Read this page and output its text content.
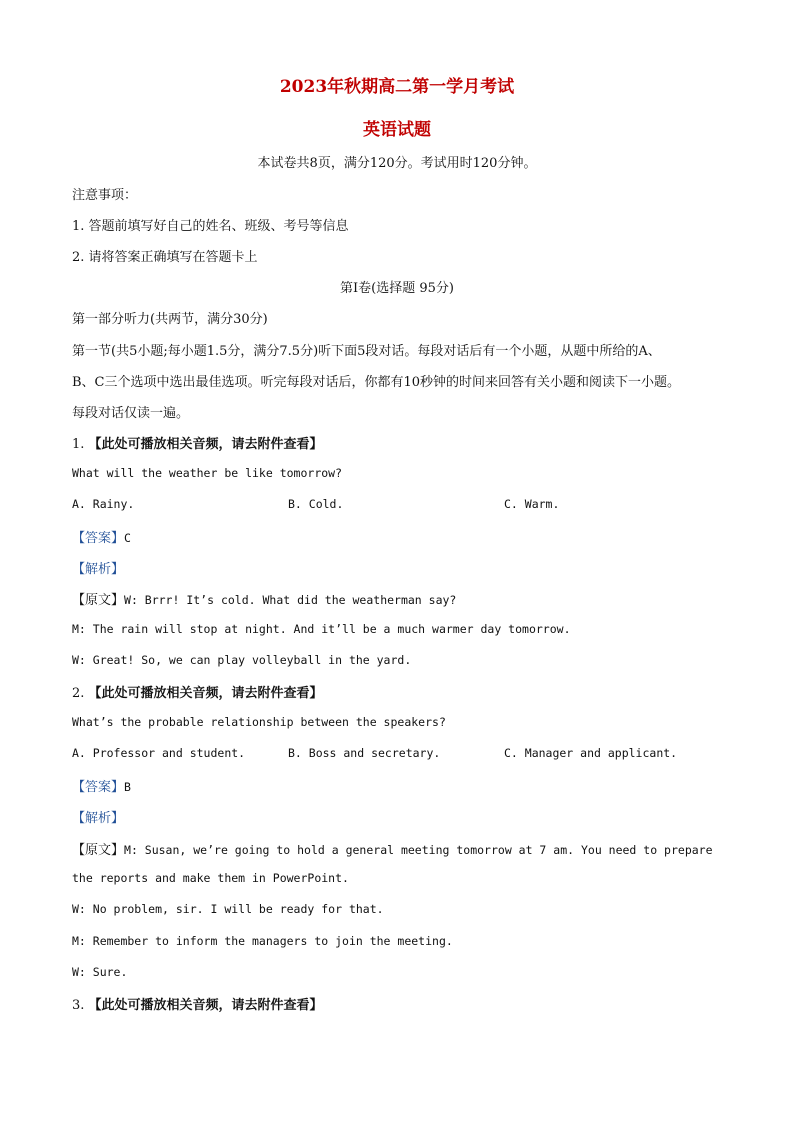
2023年秋期高二第一学月考试
英语试题
本试卷共8页，满分120分。考试用时120分钟。
注意事项：
1. 答题前填写好自己的姓名、班级、考号等信息
2. 请将答案正确填写在答题卡上
第I卷(选择题 95分)
第一部分听力(共两节，满分30分)
第一节(共5小题;每小题1.5分，满分7.5分)听下面5段对话。每段对话后有一个小题，从题中所给的A、
B、C三个选项中选出最佳选项。听完每段对话后，你都有10秒钟的时间来回答有关小题和阅读下一小题。
每段对话仅读一遍。
1. 【此处可播放相关音频，请去附件查看】
What will the weather be like tomorrow?
A. Rainy.	B. Cold.	C. Warm.
【答案】C
【解析】
【原文】W: Brrr! It’s cold. What did the weatherman say?
M: The rain will stop at night. And it’ll be a much warmer day tomorrow.
W: Great! So, we can play volleyball in the yard.
2. 【此处可播放相关音频，请去附件查看】
What’s the probable relationship between the speakers?
A. Professor and student.	B. Boss and secretary.	C. Manager and applicant.
【答案】B
【解析】
【原文】M: Susan, we’re going to hold a general meeting tomorrow at 7 am. You need to prepare
the reports and make them in PowerPoint.
W: No problem, sir. I will be ready for that.
M: Remember to inform the managers to join the meeting.
W: Sure.
3. 【此处可播放相关音频，请去附件查看】
